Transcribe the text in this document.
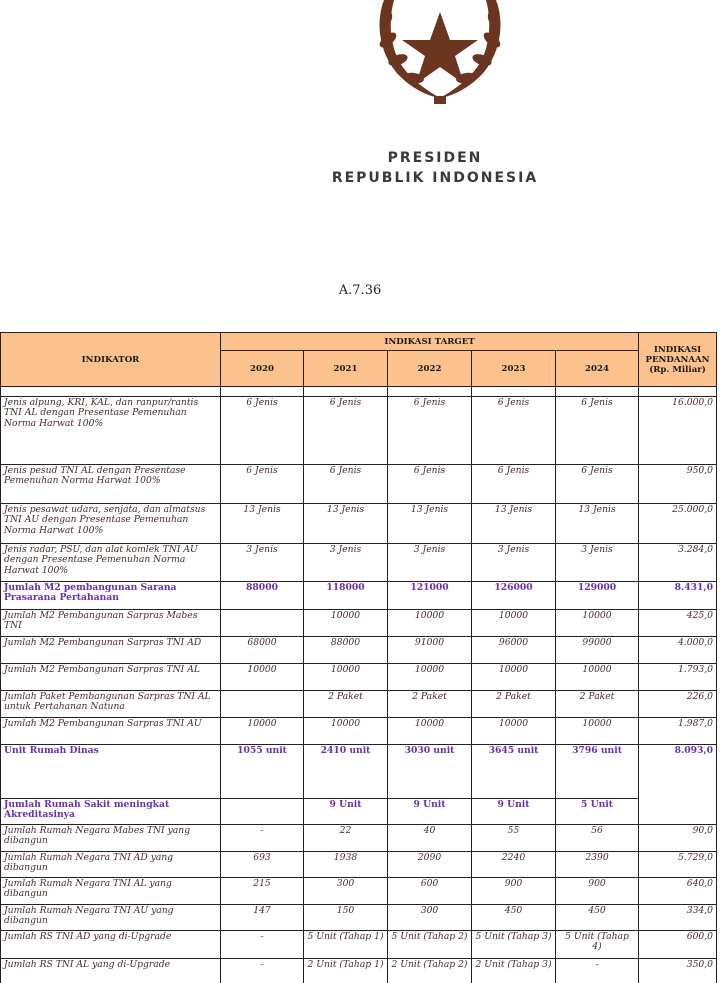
PRESIDEN
REPUBLIK INDONESIA
A.7.36
INDIKATOR	INDIKASI TARGET					INDIKASI PENDANAAN (Rp. Miliar)
	2020	2021	2022	2023	2024	

Jenis alpung, KRI, KAL, dan ranpur/rantis TNI AL dengan Presentase Pemenuhan Norma Harwat 100%	6 Jenis	6 Jenis	6 Jenis	6 Jenis	6 Jenis	16.000,0
Jenis pesud TNI AL dengan Presentase Pemenuhan Norma Harwat 100%	6 Jenis	6 Jenis	6 Jenis	6 Jenis	6 Jenis	950,0
Jenis pesawat udara, senjata, dan almatsus TNI AU dengan Presentase Pemenuhan Norma Harwat 100%	13 Jenis	13 Jenis	13 Jenis	13 Jenis	13 Jenis	25.000,0
Jenis radar, PSU, dan alat komlek TNI AU dengan Presentase Pemenuhan Norma Harwat 100%	3 Jenis	3 Jenis	3 Jenis	3 Jenis	3 Jenis	3.284,0
Jumlah M2 pembangunan Sarana Prasarana Pertahanan	88000	118000	121000	126000	129000	8.431,0
Jumlah M2 Pembangunan Sarpras Mabes TNI		10000	10000	10000	10000	425,0
Jumlah M2 Pembangunan Sarpras TNI AD	68000	88000	91000	96000	99000	4.000,0
Jumlah M2 Pembangunan Sarpras TNI AL	10000	10000	10000	10000	10000	1.793,0
Jumlah Paket Pembangunan Sarpras TNI AL untuk Pertahanan Natuna		2 Paket	2 Paket	2 Paket	2 Paket	226,0
Jumlah M2 Pembangunan Sarpras TNI AU	10000	10000	10000	10000	10000	1.987,0
Unit Rumah Dinas	1055 unit	2410 unit	3030 unit	3645 unit	3796 unit	8.093,0
Jumlah Rumah Sakit meningkat Akreditasinya		9 Unit	9 Unit	9 Unit	5 Unit	
Jumlah Rumah Negara Mabes TNI yang dibangun	-	22	40	55	56	90,0
Jumlah Rumah Negara TNI AD yang dibangun	693	1938	2090	2240	2390	5.729,0
Jumlah Rumah Negara TNI AL yang dibangun	215	300	600	900	900	640,0
Jumlah Rumah Negara TNI AU yang dibangun	147	150	300	450	450	334,0
Jumlah RS TNI AD yang di-Upgrade	-	5 Unit (Tahap 1)	5 Unit (Tahap 2)	5 Unit (Tahap 3)	5 Unit (Tahap 4)	600,0
Jumlah RS TNI AL yang di-Upgrade	-	2 Unit (Tahap 1)	2 Unit (Tahap 2)	2 Unit (Tahap 3)	-	350,0
